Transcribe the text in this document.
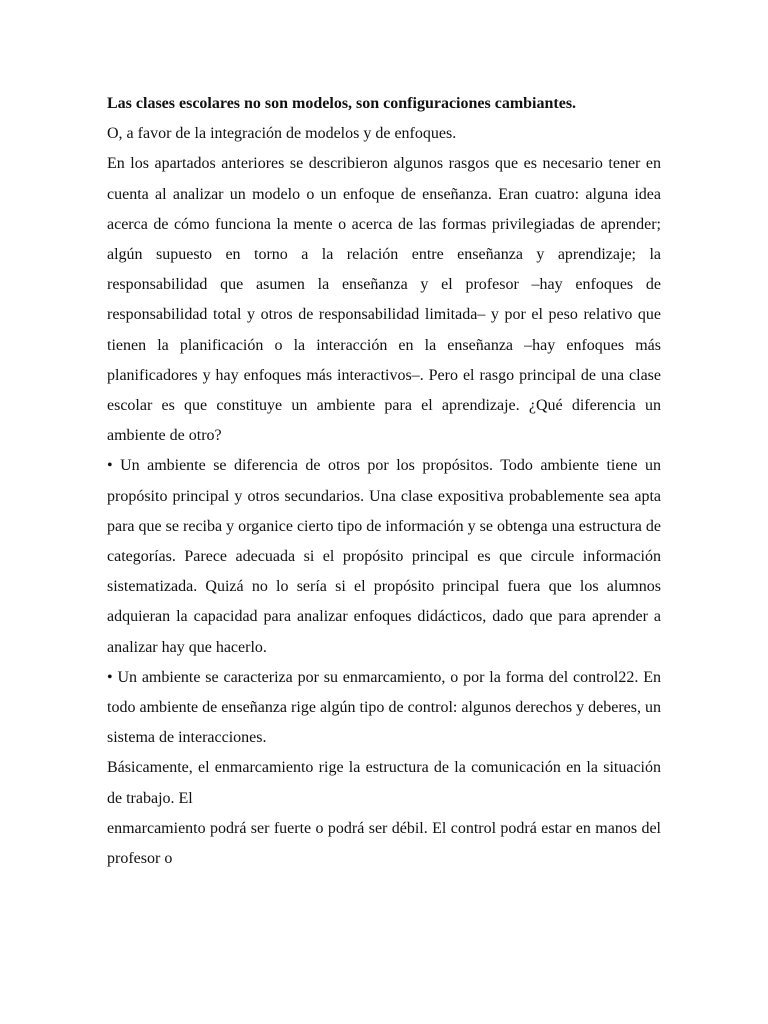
Las clases escolares no son modelos, son configuraciones cambiantes.

O, a favor de la integración de modelos y de enfoques.

En los apartados anteriores se describieron algunos rasgos que es necesario tener en cuenta al analizar un modelo o un enfoque de enseñanza. Eran cuatro: alguna idea acerca de cómo funciona la mente o acerca de las formas privilegiadas de aprender; algún supuesto en torno a la relación entre enseñanza y aprendizaje; la responsabilidad que asumen la enseñanza y el profesor –hay enfoques de responsabilidad total y otros de responsabilidad limitada– y por el peso relativo que tienen la planificación o la interacción en la enseñanza –hay enfoques más planificadores y hay enfoques más interactivos–. Pero el rasgo principal de una clase escolar es que constituye un ambiente para el aprendizaje. ¿Qué diferencia un ambiente de otro?

• Un ambiente se diferencia de otros por los propósitos. Todo ambiente tiene un propósito principal y otros secundarios. Una clase expositiva probablemente sea apta para que se reciba y organice cierto tipo de información y se obtenga una estructura de categorías. Parece adecuada si el propósito principal es que circule información sistematizada. Quizá no lo sería si el propósito principal fuera que los alumnos adquieran la capacidad para analizar enfoques didácticos, dado que para aprender a analizar hay que hacerlo.

• Un ambiente se caracteriza por su enmarcamiento, o por la forma del control22. En todo ambiente de enseñanza rige algún tipo de control: algunos derechos y deberes, un sistema de interacciones.

Básicamente, el enmarcamiento rige la estructura de la comunicación en la situación de trabajo. El

enmarcamiento podrá ser fuerte o podrá ser débil. El control podrá estar en manos del profesor o
